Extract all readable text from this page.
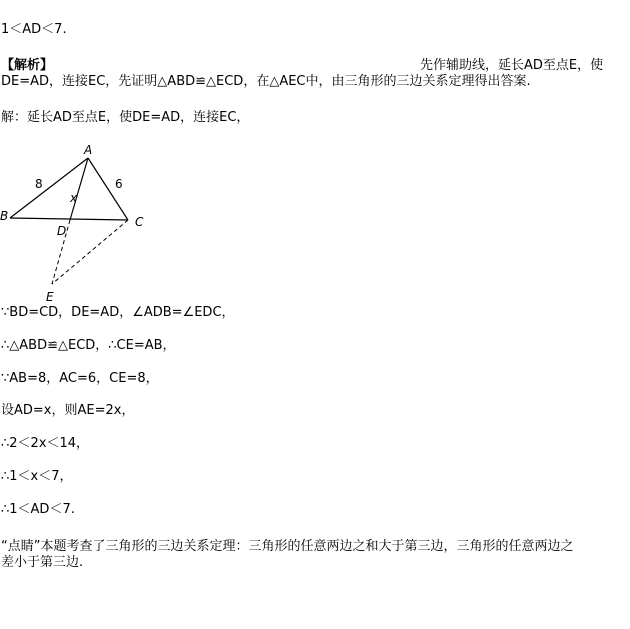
1＜AD＜7.
【解析】	先作辅助线，延长AD至点E，使
DE=AD，连接EC，先证明△ABD≌△ECD，在△AEC中，由三角形的三边关系定理得出答案.
解：延长AD至点E，使DE=AD，连接EC，
A
B	C
D
E
x
8	6
∵BD=CD，DE=AD，∠ADB=∠EDC，
∴△ABD≌△ECD，∴CE=AB，
∵AB=8，AC=6，CE=8，
设AD=x，则AE=2x，
∴2＜2x＜14，
∴1＜x＜7，
∴1＜AD＜7.
“点睛”本题考查了三角形的三边关系定理：三角形的任意两边之和大于第三边，三角形的任意两边之
差小于第三边.
